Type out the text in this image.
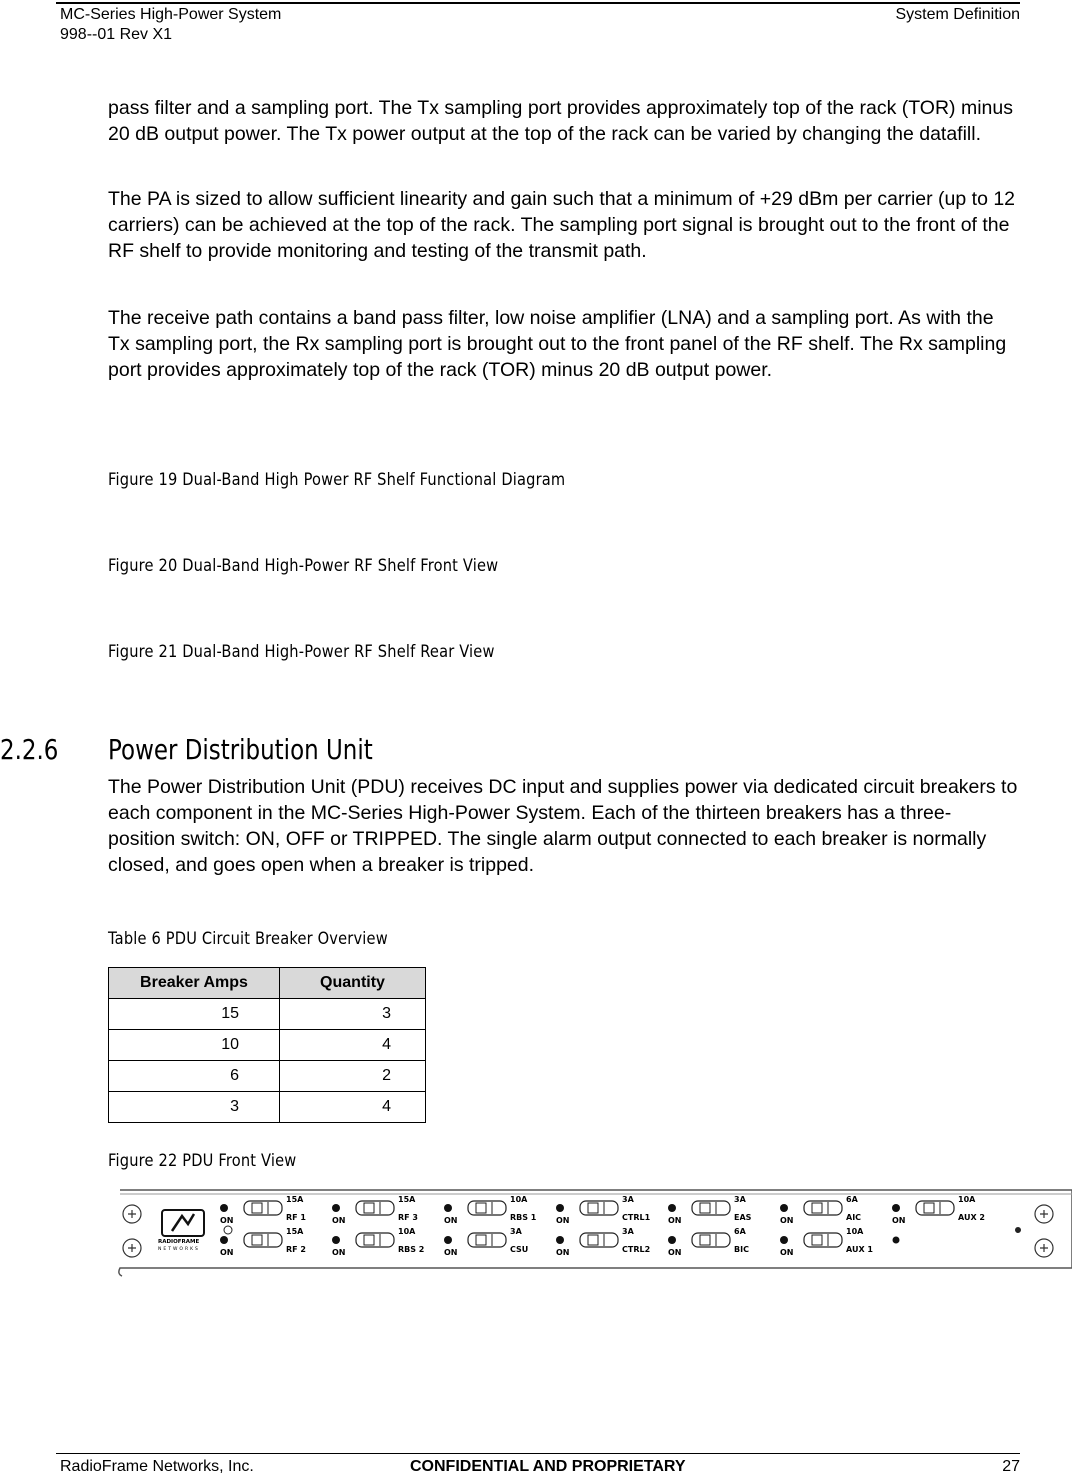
MC-Series High-Power System
998--01 Rev X1
System Definition

pass filter and a sampling port. The Tx sampling port provides approximately top of the rack (TOR) minus 20 dB output power. The Tx power output at the top of the rack can be varied by changing the datafill.

The PA is sized to allow sufficient linearity and gain such that a minimum of +29 dBm per carrier (up to 12 carriers) can be achieved at the top of the rack. The sampling port signal is brought out to the front of the RF shelf to provide monitoring and testing of the transmit path.

The receive path contains a band pass filter, low noise amplifier (LNA) and a sampling port. As with the Tx sampling port, the Rx sampling port is brought out to the front panel of the RF shelf. The Rx sampling port provides approximately top of the rack (TOR) minus 20 dB output power.

Figure 19 Dual-Band High Power RF Shelf Functional Diagram
Figure 20 Dual-Band High-Power RF Shelf Front View
Figure 21 Dual-Band High-Power RF Shelf Rear View
2.2.6 Power Distribution Unit

The Power Distribution Unit (PDU) receives DC input and supplies power via dedicated circuit breakers to each component in the MC-Series High-Power System. Each of the thirteen breakers has a three-position switch: ON, OFF or TRIPPED. The single alarm output connected to each breaker is normally closed, and goes open when a breaker is tripped.

Table 6 PDU Circuit Breaker Overview
Breaker Amps	Quantity
15	3
10	4
6	2
3	4
Figure 22 PDU Front View
RADIOFRAME
NETWORKS
ON
15A
RF 1
ON
15A
RF 2
ON
15A
RF 3
ON
10A
RBS 2
ON
10A
RBS 1
ON
3A
CSU
ON
3A
CTRL1
ON
3A
CTRL2
ON
3A
EAS
ON
6A
BIC
ON
6A
AIC
ON
10A
AUX 1
ON
10A
AUX 2
RadioFrame Networks, Inc.	CONFIDENTIAL AND PROPRIETARY	27
